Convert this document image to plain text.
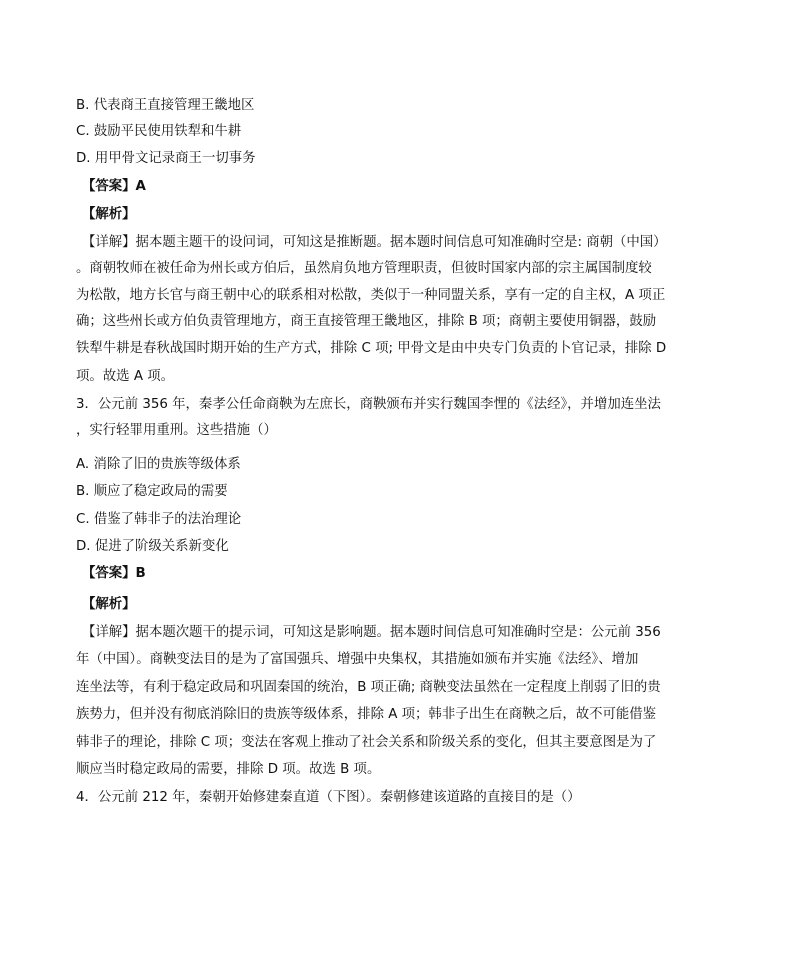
B. 代表商王直接管理王畿地区
C. 鼓励平民使用铁犁和牛耕
D. 用甲骨文记录商王一切事务
【答案】A
【解析】
【详解】据本题主题干的设问词，可知这是推断题。据本题时间信息可知准确时空是: 商朝（中国）
。商朝牧师在被任命为州长或方伯后，虽然肩负地方管理职责，但彼时国家内部的宗主属国制度较
为松散，地方长官与商王朝中心的联系相对松散，类似于一种同盟关系，享有一定的自主权，A 项正
确；这些州长或方伯负责管理地方，商王直接管理王畿地区，排除 B 项；商朝主要使用铜器，鼓励
铁犁牛耕是春秋战国时期开始的生产方式，排除 C 项; 甲骨文是由中央专门负责的卜官记录，排除 D
项。故选 A 项。
3．公元前 356 年，秦孝公任命商鞅为左庶长，商鞅颁布并实行魏国李悝的《法经》，并增加连坐法
，实行轻罪用重刑。这些措施（）
A. 消除了旧的贵族等级体系
B. 顺应了稳定政局的需要
C. 借鉴了韩非子的法治理论
D. 促进了阶级关系新变化
【答案】B
【解析】
【详解】据本题次题干的提示词，可知这是影响题。据本题时间信息可知准确时空是：公元前 356
年（中国）。商鞅变法目的是为了富国强兵、增强中央集权，其措施如颁布并实施《法经》、增加
连坐法等，有利于稳定政局和巩固秦国的统治，B 项正确; 商鞅变法虽然在一定程度上削弱了旧的贵
族势力，但并没有彻底消除旧的贵族等级体系，排除 A 项；韩非子出生在商鞅之后，故不可能借鉴
韩非子的理论，排除 C 项；变法在客观上推动了社会关系和阶级关系的变化，但其主要意图是为了
顺应当时稳定政局的需要，排除 D 项。故选 B 项。
4．公元前 212 年，秦朝开始修建秦直道（下图）。秦朝修建该道路的直接目的是（）
